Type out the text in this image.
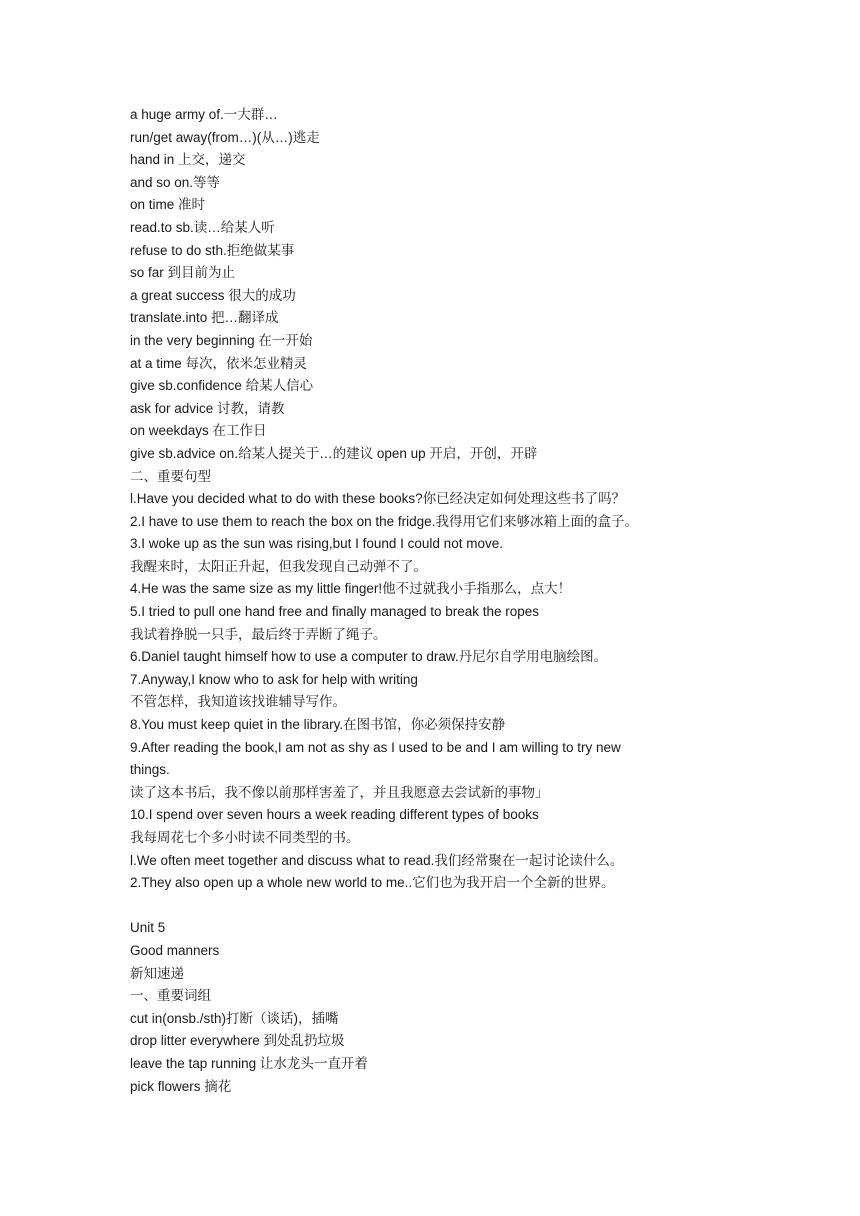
a huge army of.一大群…
run/get away(from…)(从…)逃走
hand in 上交，递交
and so on.等等
on time 准时
read.to sb.读…给某人听
refuse to do sth.拒绝做某事
so far 到目前为止
a great success 很大的成功
translate.into 把…翻译成
in the very beginning 在一开始
at a time 每次，依米怎业精灵
give sb.confidence 给某人信心
ask for advice 讨教，请教
on weekdays 在工作日
give sb.advice on.给某人提关于…的建议 open up 开启，开创，开辟
二、重要句型
l.Have you decided what to do with these books?你已经决定如何处理这些书了吗？
2.I have to use them to reach the box on the fridge.我得用它们来够冰箱上面的盒子。
3.I woke up as the sun was rising,but I found I could not move.
我醒来时，太阳正升起，但我发现自己动弹不了。
4.He was the same size as my little finger!他不过就我小手指那么，点大！
5.I tried to pull one hand free and finally managed to break the ropes
我试着挣脱一只手，最后终于弄断了绳子。
6.Daniel taught himself how to use a computer to draw.丹尼尔自学用电脑绘图。
7.Anyway,I know who to ask for help with writing
不管怎样，我知道该找谁辅导写作。
8.You must keep quiet in the library.在图书馆，你必须保持安静
9.After reading the book,I am not as shy as I used to be and I am willing to try new
things.
读了这本书后，我不像以前那样害羞了，并且我愿意去尝试新的事物」
10.I spend over seven hours a week reading different types of books
我每周花七个多小时读不同类型的书。
l.We often meet together and discuss what to read.我们经常聚在一起讨论读什么。
2.They also open up a whole new world to me..它们也为我开启一个全新的世界。
Unit 5
Good manners
新知速递
一、重要词组
cut in(onsb./sth)打断（谈话)，插嘴
drop litter everywhere 到处乱扔垃圾
leave the tap running 让水龙头一直开着
pick flowers 摘花
